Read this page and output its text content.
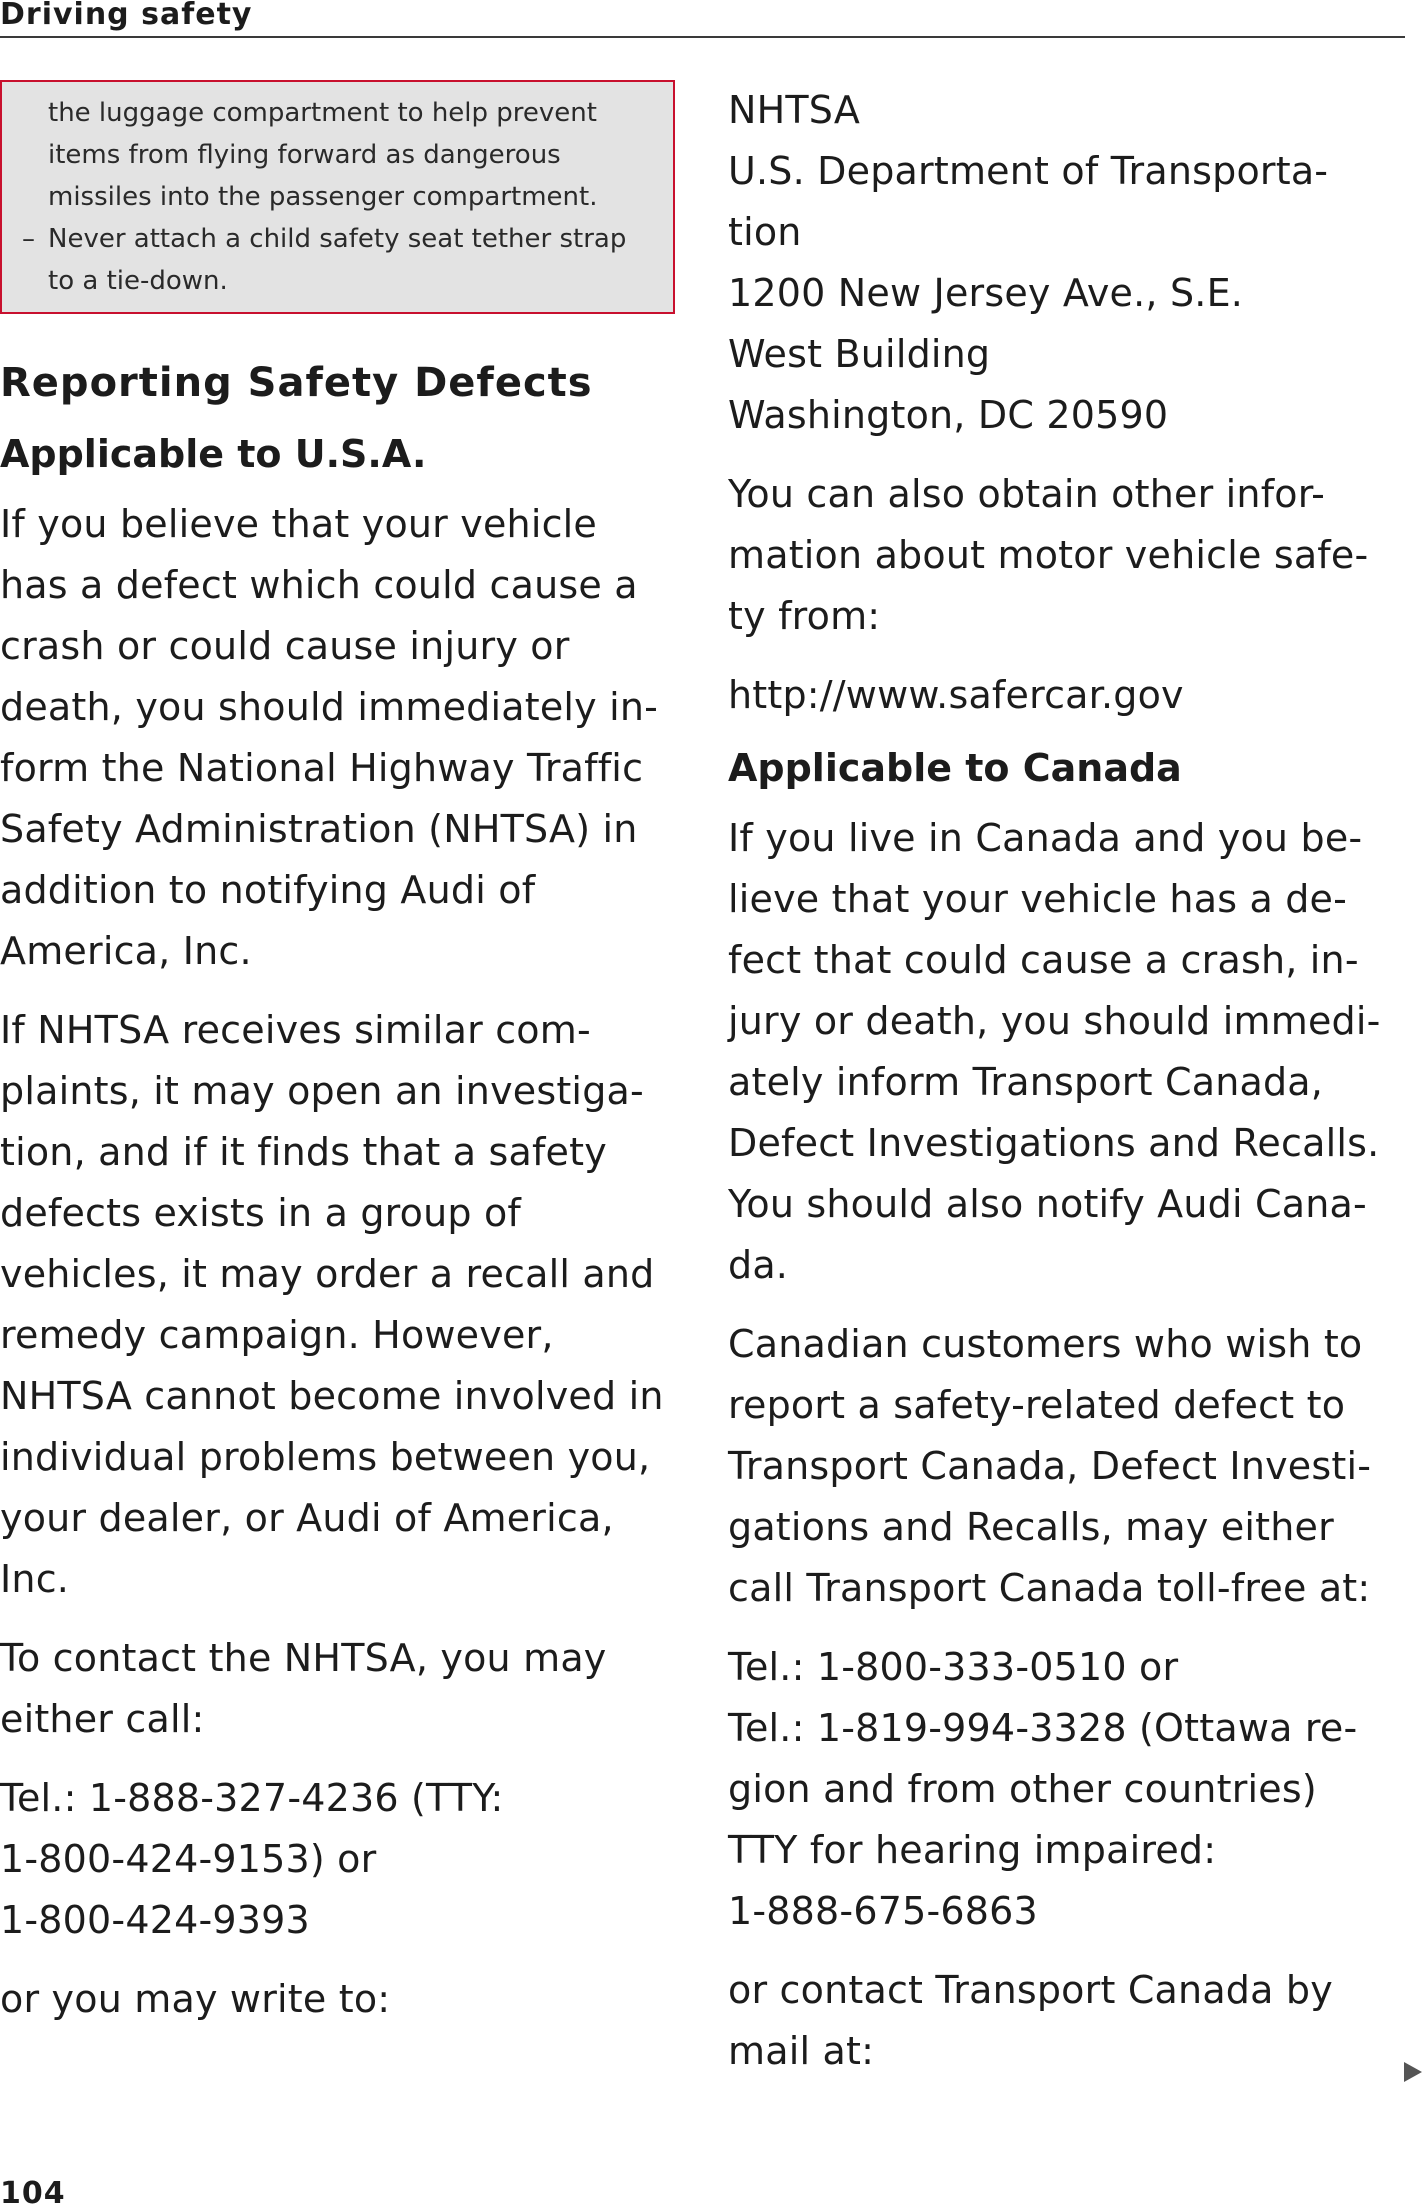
Driving safety

the luggage compartment to help prevent
items from flying forward as dangerous
missiles into the passenger compartment.

– Never attach a child safety seat tether strap
to a tie-down.

Reporting Safety Defects
Applicable to U.S.A.

If you believe that your vehicle
has a defect which could cause a
crash or could cause injury or
death, you should immediately in-
form the National Highway Traffic
Safety Administration (NHTSA) in
addition to notifying Audi of
America, Inc.

If NHTSA receives similar com-
plaints, it may open an investiga-
tion, and if it finds that a safety
defects exists in a group of
vehicles, it may order a recall and
remedy campaign. However,
NHTSA cannot become involved in
individual problems between you,
your dealer, or Audi of America,
Inc.

To contact the NHTSA, you may
either call:

Tel.: 1-888-327-4236 (TTY:
1-800-424-9153) or
1-800-424-9393

or you may write to:

NHTSA
U.S. Department of Transporta-
tion
1200 New Jersey Ave., S.E.
West Building
Washington, DC 20590

You can also obtain other infor-
mation about motor vehicle safe-
ty from:

http://www.safercar.gov

Applicable to Canada

If you live in Canada and you be-
lieve that your vehicle has a de-
fect that could cause a crash, in-
jury or death, you should immedi-
ately inform Transport Canada,
Defect Investigations and Recalls.
You should also notify Audi Cana-
da.

Canadian customers who wish to
report a safety-related defect to
Transport Canada, Defect Investi-
gations and Recalls, may either
call Transport Canada toll-free at:

Tel.: 1-800-333-0510 or
Tel.: 1-819-994-3328 (Ottawa re-
gion and from other countries)
TTY for hearing impaired:
1-888-675-6863

or contact Transport Canada by
mail at:

104
